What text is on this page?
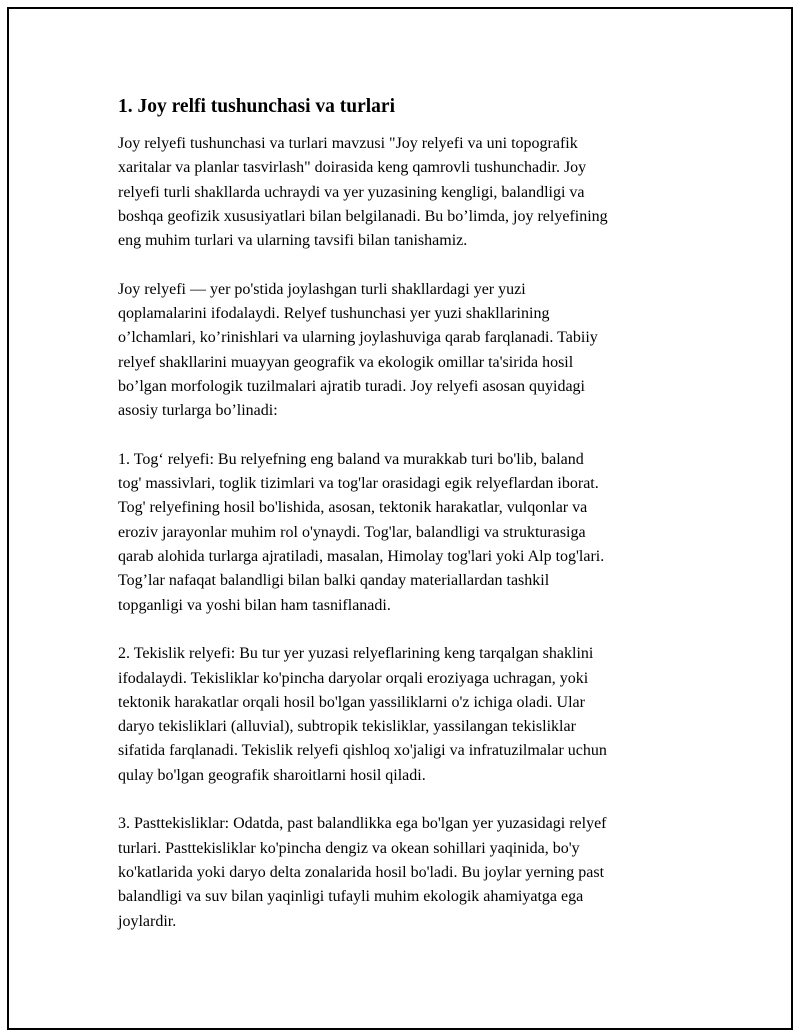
1. Joy relfi tushunchasi va turlari

Joy relyefi tushunchasi va turlari mavzusi "Joy relyefi va uni topografik
xaritalar va planlar tasvirlash" doirasida keng qamrovli tushunchadir. Joy
relyefi turli shakllarda uchraydi va yer yuzasining kengligi, balandligi va
boshqa geofizik xususiyatlari bilan belgilanadi. Bu bo’limda, joy relyefining
eng muhim turlari va ularning tavsifi bilan tanishamiz.

Joy relyefi — yer po'stida joylashgan turli shakllardagi yer yuzi
qoplamalarini ifodalaydi. Relyef tushunchasi yer yuzi shakllarining
o’lchamlari, ko’rinishlari va ularning joylashuviga qarab farqlanadi. Tabiiy
relyef shakllarini muayyan geografik va ekologik omillar ta'sirida hosil
bo’lgan morfologik tuzilmalari ajratib turadi. Joy relyefi asosan quyidagi
asosiy turlarga bo’linadi:

1. Tog‘ relyefi: Bu relyefning eng baland va murakkab turi bo'lib, baland
tog' massivlari, toglik tizimlari va tog'lar orasidagi egik relyeflardan iborat.
Tog' relyefining hosil bo'lishida, asosan, tektonik harakatlar, vulqonlar va
eroziv jarayonlar muhim rol o'ynaydi. Tog'lar, balandligi va strukturasiga
qarab alohida turlarga ajratiladi, masalan, Himolay tog'lari yoki Alp tog'lari.
Tog’lar nafaqat balandligi bilan balki qanday materiallardan tashkil
topganligi va yoshi bilan ham tasniflanadi.

2. Tekislik relyefi: Bu tur yer yuzasi relyeflarining keng tarqalgan shaklini
ifodalaydi. Tekisliklar ko'pincha daryolar orqali eroziyaga uchragan, yoki
tektonik harakatlar orqali hosil bo'lgan yassiliklarni o'z ichiga oladi. Ular
daryo tekisliklari (alluvial), subtropik tekisliklar, yassilangan tekisliklar
sifatida farqlanadi. Tekislik relyefi qishloq xo'jaligi va infratuzilmalar uchun
qulay bo'lgan geografik sharoitlarni hosil qiladi.

3. Pasttekisliklar: Odatda, past balandlikka ega bo'lgan yer yuzasidagi relyef
turlari. Pasttekisliklar ko'pincha dengiz va okean sohillari yaqinida, bo'y
ko'katlarida yoki daryo delta zonalarida hosil bo'ladi. Bu joylar yerning past
balandligi va suv bilan yaqinligi tufayli muhim ekologik ahamiyatga ega
joylardir.
